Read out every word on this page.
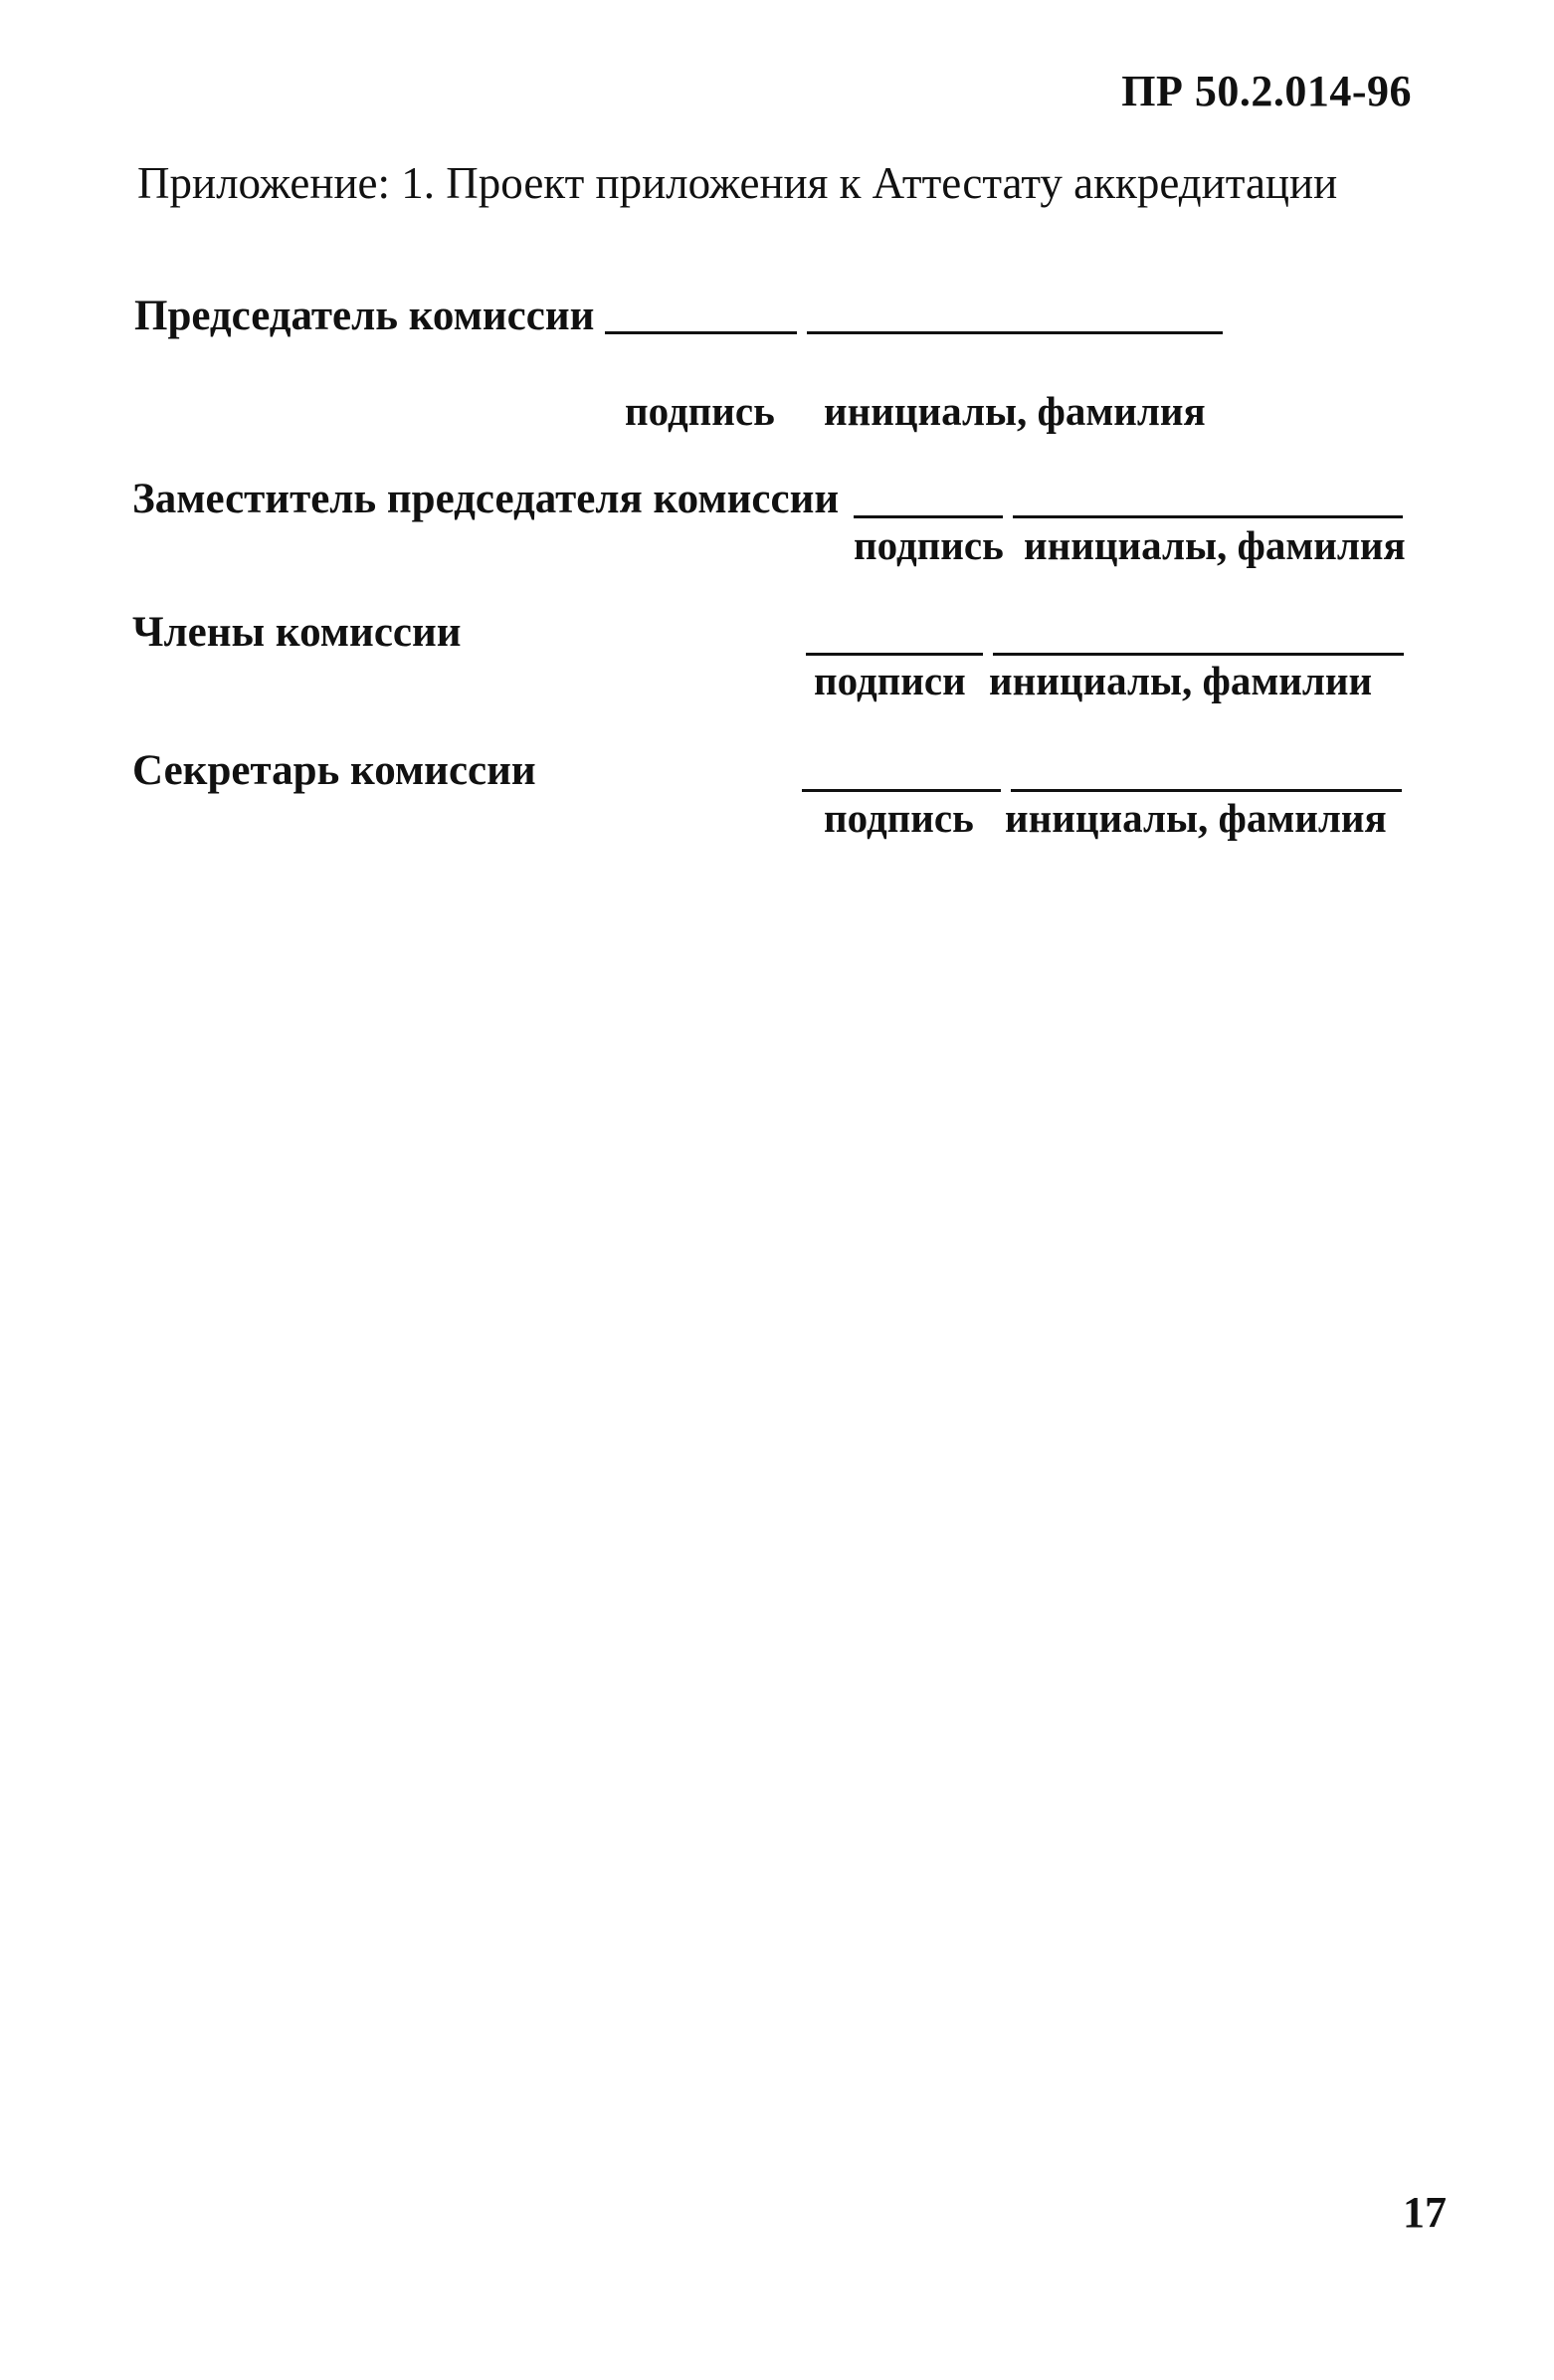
ПР 50.2.014-96
Приложение: 1. Проект приложения к Аттестату аккредитации
Председатель комиссии
подпись инициалы, фамилия
Заместитель председателя комиссии
подпись инициалы, фамилия
Члены комиссии
подписи инициалы, фамилии
Секретарь комиссии
подпись инициалы, фамилия
17
